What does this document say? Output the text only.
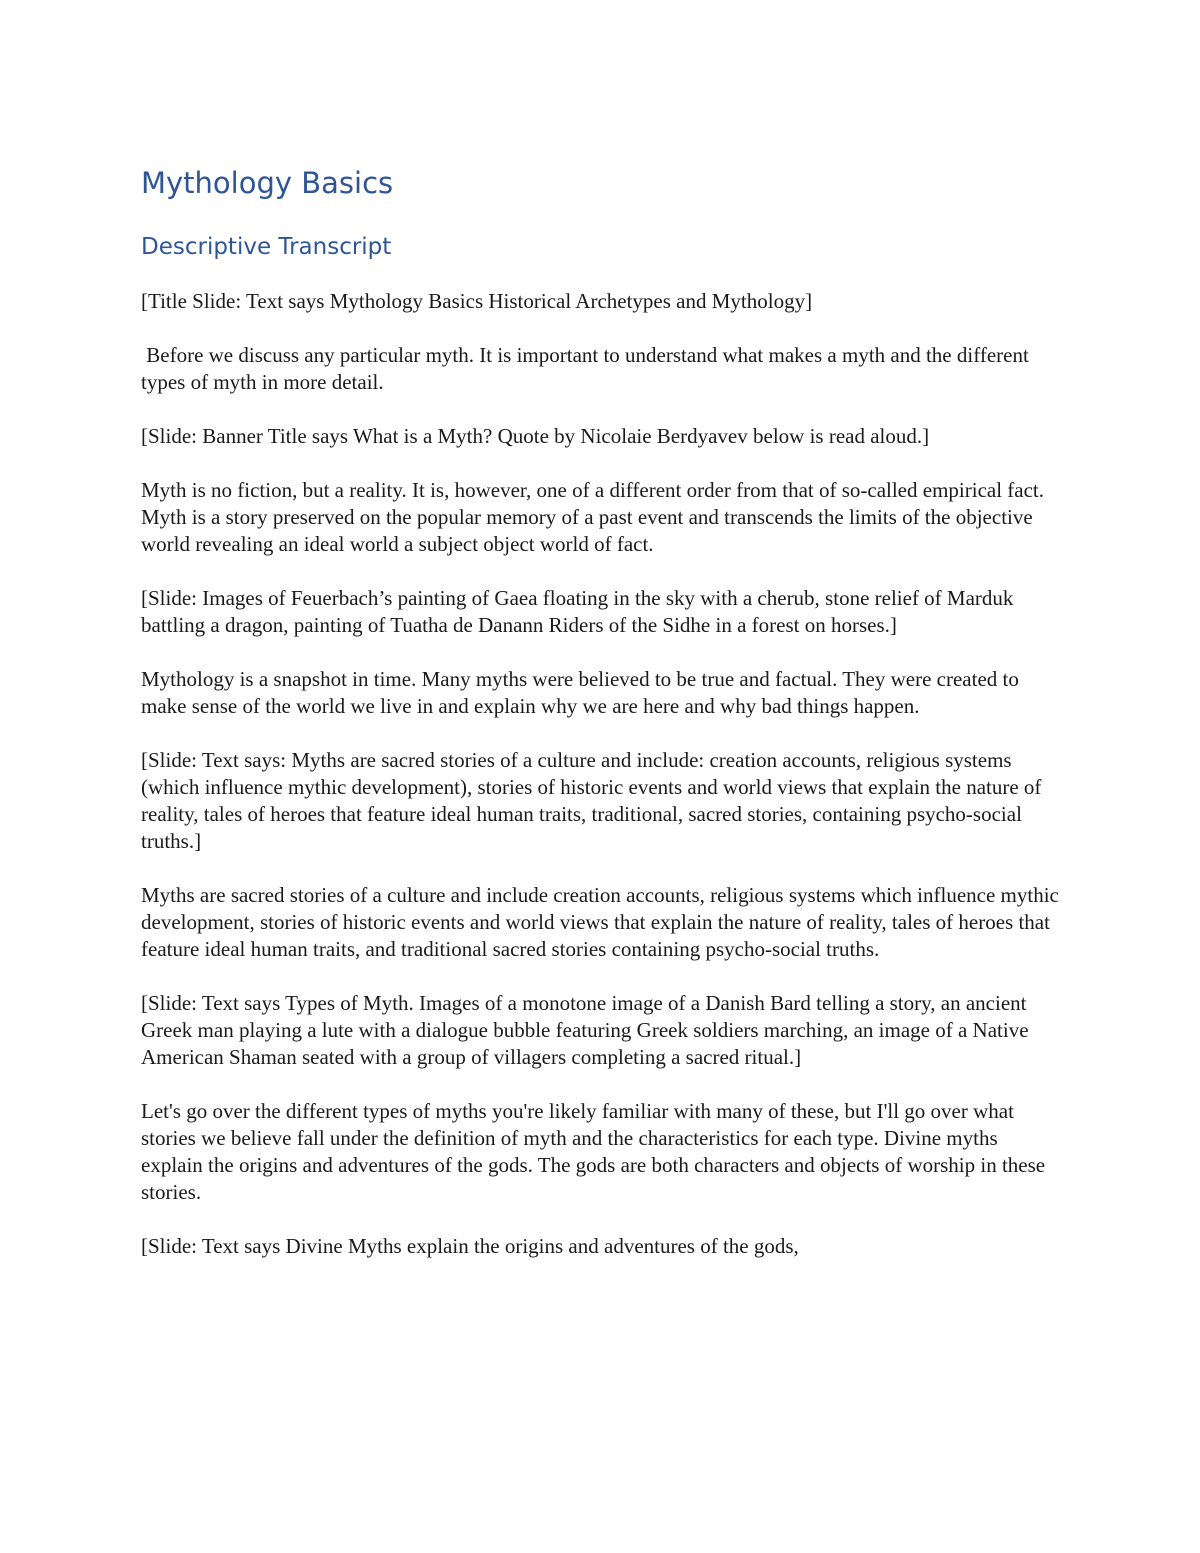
Mythology Basics
Descriptive Transcript

[Title Slide: Text says Mythology Basics Historical Archetypes and Mythology]

Before we discuss any particular myth. It is important to understand what makes a myth and the different types of myth in more detail.

[Slide: Banner Title says What is a Myth? Quote by Nicolaie Berdyavev below is read aloud.]

Myth is no fiction, but a reality. It is, however, one of a different order from that of so-called empirical fact. Myth is a story preserved on the popular memory of a past event and transcends the limits of the objective world revealing an ideal world a subject object world of fact.

[Slide: Images of Feuerbach’s painting of Gaea floating in the sky with a cherub, stone relief of Marduk battling a dragon, painting of Tuatha de Danann Riders of the Sidhe in a forest on horses.]

Mythology is a snapshot in time. Many myths were believed to be true and factual. They were created to make sense of the world we live in and explain why we are here and why bad things happen.

[Slide: Text says: Myths are sacred stories of a culture and include: creation accounts, religious systems (which influence mythic development), stories of historic events and world views that explain the nature of reality, tales of heroes that feature ideal human traits, traditional, sacred stories, containing psycho-social truths.]

Myths are sacred stories of a culture and include creation accounts, religious systems which influence mythic development, stories of historic events and world views that explain the nature of reality, tales of heroes that feature ideal human traits, and traditional sacred stories containing psycho-social truths.

[Slide: Text says Types of Myth. Images of a monotone image of a Danish Bard telling a story, an ancient Greek man playing a lute with a dialogue bubble featuring Greek soldiers marching, an image of a Native American Shaman seated with a group of villagers completing a sacred ritual.]

Let's go over the different types of myths you're likely familiar with many of these, but I'll go over what stories we believe fall under the definition of myth and the characteristics for each type. Divine myths explain the origins and adventures of the gods. The gods are both characters and objects of worship in these stories.

[Slide: Text says Divine Myths explain the origins and adventures of the gods,
